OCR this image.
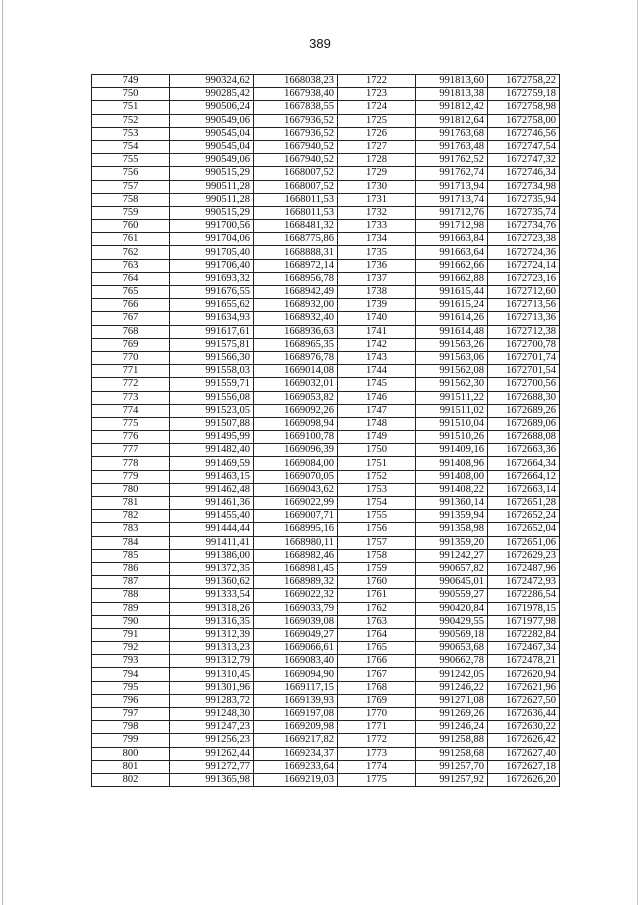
389
749	990324,62	1668038,23	1722	991813,60	1672758,22
750	990285,42	1667938,40	1723	991813,38	1672759,18
751	990506,24	1667838,55	1724	991812,42	1672758,98
752	990549,06	1667936,52	1725	991812,64	1672758,00
753	990545,04	1667936,52	1726	991763,68	1672746,56
754	990545,04	1667940,52	1727	991763,48	1672747,54
755	990549,06	1667940,52	1728	991762,52	1672747,32
756	990515,29	1668007,52	1729	991762,74	1672746,34
757	990511,28	1668007,52	1730	991713,94	1672734,98
758	990511,28	1668011,53	1731	991713,74	1672735,94
759	990515,29	1668011,53	1732	991712,76	1672735,74
760	991700,56	1668481,32	1733	991712,98	1672734,76
761	991704,06	1668775,86	1734	991663,84	1672723,38
762	991705,40	1668888,31	1735	991663,64	1672724,36
763	991706,40	1668972,14	1736	991662,66	1672724,14
764	991693,32	1668956,78	1737	991662,88	1672723,16
765	991676,55	1668942,49	1738	991615,44	1672712,60
766	991655,62	1668932,00	1739	991615,24	1672713,56
767	991634,93	1668932,40	1740	991614,26	1672713,36
768	991617,61	1668936,63	1741	991614,48	1672712,38
769	991575,81	1668965,35	1742	991563,26	1672700,78
770	991566,30	1668976,78	1743	991563,06	1672701,74
771	991558,03	1669014,08	1744	991562,08	1672701,54
772	991559,71	1669032,01	1745	991562,30	1672700,56
773	991556,08	1669053,82	1746	991511,22	1672688,30
774	991523,05	1669092,26	1747	991511,02	1672689,26
775	991507,88	1669098,94	1748	991510,04	1672689,06
776	991495,99	1669100,78	1749	991510,26	1672688,08
777	991482,40	1669096,39	1750	991409,16	1672663,36
778	991469,59	1669084,00	1751	991408,96	1672664,34
779	991463,15	1669070,05	1752	991408,00	1672664,12
780	991462,48	1669043,62	1753	991408,22	1672663,14
781	991461,36	1669022,99	1754	991360,14	1672651,28
782	991455,40	1669007,71	1755	991359,94	1672652,24
783	991444,44	1668995,16	1756	991358,98	1672652,04
784	991411,41	1668980,11	1757	991359,20	1672651,06
785	991386,00	1668982,46	1758	991242,27	1672629,23
786	991372,35	1668981,45	1759	990657,82	1672487,96
787	991360,62	1668989,32	1760	990645,01	1672472,93
788	991333,54	1669022,32	1761	990559,27	1672286,54
789	991318,26	1669033,79	1762	990420,84	1671978,15
790	991316,35	1669039,08	1763	990429,55	1671977,98
791	991312,39	1669049,27	1764	990569,18	1672282,84
792	991313,23	1669066,61	1765	990653,68	1672467,34
793	991312,79	1669083,40	1766	990662,78	1672478,21
794	991310,45	1669094,90	1767	991242,05	1672620,94
795	991301,96	1669117,15	1768	991246,22	1672621,96
796	991283,72	1669139,93	1769	991271,08	1672627,50
797	991248,30	1669197,08	1770	991269,26	1672636,44
798	991247,23	1669209,98	1771	991246,24	1672630,22
799	991256,23	1669217,82	1772	991258,88	1672626,42
800	991262,44	1669234,37	1773	991258,68	1672627,40
801	991272,77	1669233,64	1774	991257,70	1672627,18
802	991365,98	1669219,03	1775	991257,92	1672626,20
